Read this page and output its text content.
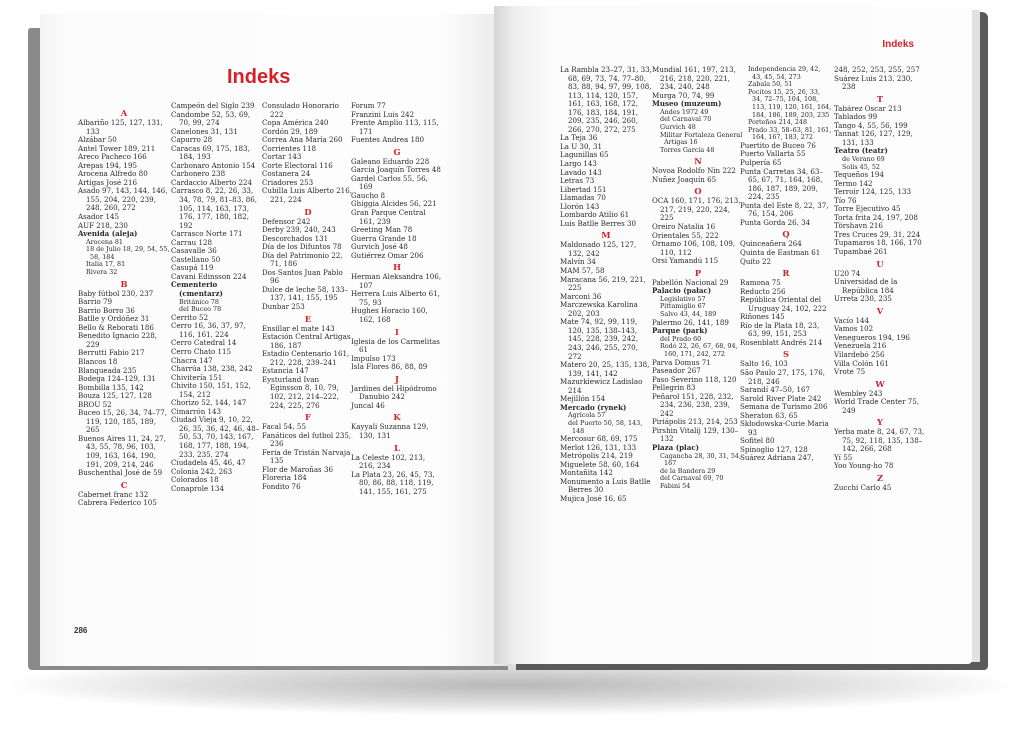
Indeks

A

Albariño 125, 127, 131, 133

Alzábar 50

Antel Tower 189, 211

Areco Pacheco 166

Arepas 194, 195

Arocena Alfredo 80

Artigas José 216

Asado 97, 143, 144, 146, 155, 204, 220, 239, 248, 260, 272

Asador 145

AUF 218, 230

Avenida (aleja)

Arocena 81

18 de Julio 18, 29, 54, 55, 58, 184

Italia 17, 81

Rivera 32

B

Baby fútbol 230, 237

Barrio 79

Barrio Borro 36

Batlle y Ordóñez 31

Bello & Reborati 186

Benedito Ignacio 228, 229

Berrutti Fabio 217

Blancos 18

Blanqueada 235

Bodega 124–129, 131

Bombilla 135, 142

Bouza 125, 127, 128

BROU 52

Buceo 15, 26, 34, 74–77, 119, 120, 185, 189, 265

Buenos Aires 11, 24, 27, 43, 55, 78, 96, 103, 109, 163, 164, 190, 191, 209, 214, 246

Buschenthal José de 59

C

Cabernet franc 132

Cabrera Federico 105

Campeón del Siglo 239

Candombe 52, 53, 69, 70, 99, 274

Canelones 31, 131

Capurro 28

Caracas 69, 175, 183, 184, 193

Carbonaro Antonio 154

Carbonero 238

Cardaccio Alberto 224

Carrasco 8, 22, 26, 33, 34, 78, 79, 81–83, 86, 105, 114, 163, 173, 176, 177, 180, 182, 192

Carrasco Norte 171

Carrau 128

Casavalle 36

Castellano 50

Casupá 119

Cavani Edinsson 224

Cementerio (cmentarz)

Británico 78

del Buceo 78

Cerrito 52

Cerro 16, 36, 37, 97, 116, 161, 224

Cerro Catedral 14

Cerro Chato 115

Chacra 147

Charrúa 138, 238, 242

Chivitería 151

Chivito 150, 151, 152, 154, 212

Chorizo 52, 144, 147

Cimarrón 143

Ciudad Vieja 9, 10, 22, 26, 35, 36, 42, 46, 48–50, 53, 70, 143, 167, 168, 177, 188, 194, 233, 235, 274

Ciudadela 45, 46, 47

Colonia 242, 263

Colorados 18

Conaprole 134

Consulado Honorario 222

Copa América 240

Cordón 29, 189

Correa Ana María 260

Corrientes 118

Cortar 143

Corte Electoral 116

Costanera 24

Criadores 253

Cubilla Luis Alberto 216, 221, 224

D

Defensor 242

Derby 239, 240, 243

Descorchados 131

Día de los Difuntos 78

Día del Patrimonio 22, 71, 186

Dos Santos Juan Pablo 96

Dulce de leche 58, 133–137, 141, 155, 195

Dunbar 253

E

Ensillar el mate 143

Estación Central Artigas 186, 187

Estadio Centenario 161, 212, 228, 239–241

Estancia 147

Eysturland Ivan Eginsson 8, 10, 79, 102, 212, 214–222, 224, 225, 276

F

Facal 54, 55

Fanáticos del futbol 235, 236

Feria de Tristán Narvaja 135

Flor de Maroñas 36

Floreria 184

Fondito 76

Forum 77

Franzini Luis 242

Frente Amplio 113, 115, 171

Fuentes Andrea 180

G

Galeano Eduardo 228

García Joaquín Torres 48

Gardel Carlos 55, 56, 169

Gaucho 8

Ghiggia Alcides 56, 221

Gran Parque Central 161, 239

Greeting Man 78

Guerra Grande 18

Gurvich José 48

Gutiérrez Omar 206

H

Herman Aleksandra 106, 107

Herrera Luis Alberto 61, 75, 93

Hughes Horacio 160, 162, 168

I

Iglesia de los Carmelitas 61

Impulso 173

Isla Flores 86, 88, 89

J

Jardines del Hipódromo Danubio 242

Juncal 46

K

Kayyali Suzanna 129, 130, 131

L

La Celeste 102, 213, 216, 234

La Plata 23, 26, 45, 73, 80, 86, 88, 118, 119, 141, 155, 161, 275

286
Indeks

La Rambla 23–27, 31, 33, 68, 69, 73, 74, 77–80, 83, 88, 94, 97, 99, 108, 113, 114, 120, 157, 161, 163, 168, 172, 176, 183, 184, 191, 209, 235, 246, 260, 266, 270, 272, 275

La Teja 36

La U 30, 31

Lagunillas 65

Largo 143

Lavado 143

Letras 73

Libertad 151

Llamadas 70

Llorón 143

Lombardo Atilio 61

Luis Batlle Berres 30

M

Maldonado 125, 127, 132, 242

Malvín 34

MAM 57, 58

Maracana 56, 219, 221, 225

Marconi 36

Marczewska Karolina 202, 203

Mate 74, 92, 99, 119, 120, 135, 138–143, 145, 228, 239, 242, 243, 246, 255, 270, 272

Matero 20, 25, 135, 138, 139, 141, 142

Mazurkiewicz Ladislao 214

Mejillón 154

Mercado (rynek)

Agrícola 57

del Puerto 50, 58, 143, 148

Mercosur 68, 69, 175

Merlot 126, 131, 133

Metrópolis 214, 219

Miguelete 58, 60, 164

Montañita 142

Monumento a Luis Batlle Berres 30

Mujica José 16, 65

Mundial 161, 197, 213, 216, 218, 220, 221, 234, 240, 248

Murga 70, 74, 99

Museo (muzeum)

Andes 1972 49

del Carnaval 70

Gurvich 48

Militar Fortaleza General Artigas 16

Torres García 48

N

Novoa Rodolfo Nin 222

Nuñez Joaquín 65

O

OCA 160, 171, 176, 213, 217, 219, 220, 224, 225

Oreiro Natalia 16

Orientales 55, 222

Ornamo 106, 108, 109, 110, 112

Orsi Yamandú 115

P

Pabellón Nacional 29

Palacio (pałac)

Legislativo 57

Pittamiglio 67

Salvo 43, 44, 189

Palermo 26, 141, 189

Parque (park)

del Prado 60

Rodó 22, 26, 67, 68, 94, 160, 171, 242, 272

Parva Domus 71

Paseador 267

Paso Severino 118, 120

Pellegrin 83

Peñarol 151, 228, 232, 234, 236, 238, 239, 242

Piriápolis 213, 214, 253

Pirshin Vitalij 129, 130–132

Plaza (plac)

Cagancha 28, 30, 31, 54, 167

de la Bandera 29

del Carnaval 69, 70

Fabini 54

Independencia 29, 42, 43, 45, 54, 273

Zabala 50, 51

Pocitos 15, 25, 26, 33, 34, 72–75, 104, 108, 113, 119, 120, 161, 164, 184, 186, 189, 203, 235

Porteños 214, 248

Prado 33, 58–63, 81, 161, 164, 167, 183, 272

Puertito de Buceo 76

Puerto Vallarta 55

Pulpería 65

Punta Carretas 34, 63–65, 67, 71, 164, 168, 186, 187, 189, 209, 224, 235

Punta del Este 8, 22, 37, 76, 154, 206

Punta Gorda 26, 34

Q

Quinceañera 264

Quinta de Eastman 61

Quito 22

R

Ramona 75

Reducto 256

República Oriental del Uruguay 24, 102, 222

Riñones 145

Río de la Plata 18, 23, 63, 99, 151, 253

Rosenblatt Andrés 214

S

Salto 16, 103

São Paulo 27, 175, 176, 218, 246

Sarandí 47–50, 167

Sarold River Plate 242

Semana de Turismo 206

Sheraton 63, 65

Skłodowska-Curie Maria 93

Sofitel 80

Spinoglio 127, 128

Suárez Adriana 247,

248, 252, 253, 255, 257

Suárez Luis 213, 230, 238

T

Tabárez Oscar 213

Tablados 99

Tango 4, 55, 56, 199

Tannat 126, 127, 129, 131, 133

Teatro (teatr)

de Verano 69

Solís 45, 52

Tequeños 194

Termo 142

Terroir 124, 125, 133

Tío 76

Torre Ejecutivo 45

Torta frita 24, 197, 208

Törshavn 216

Tres Cruces 29, 31, 224

Tupamaros 18, 166, 170

Tupambaé 261

U

U20 74

Universidad de la República 184

Urreta 230, 235

V

Vacío 144

Vamos 102

Venegueros 194, 196

Venezuela 216

Vilardebó 256

Villa Colón 161

Vrote 75

W

Wembley 243

World Trade Center 75, 249

Y

Yerba mate 8, 24, 67, 73, 75, 92, 118, 135, 138–142, 266, 268

Yí 55

Yoo Young-ho 78

Z

Zucchi Carlo 45
